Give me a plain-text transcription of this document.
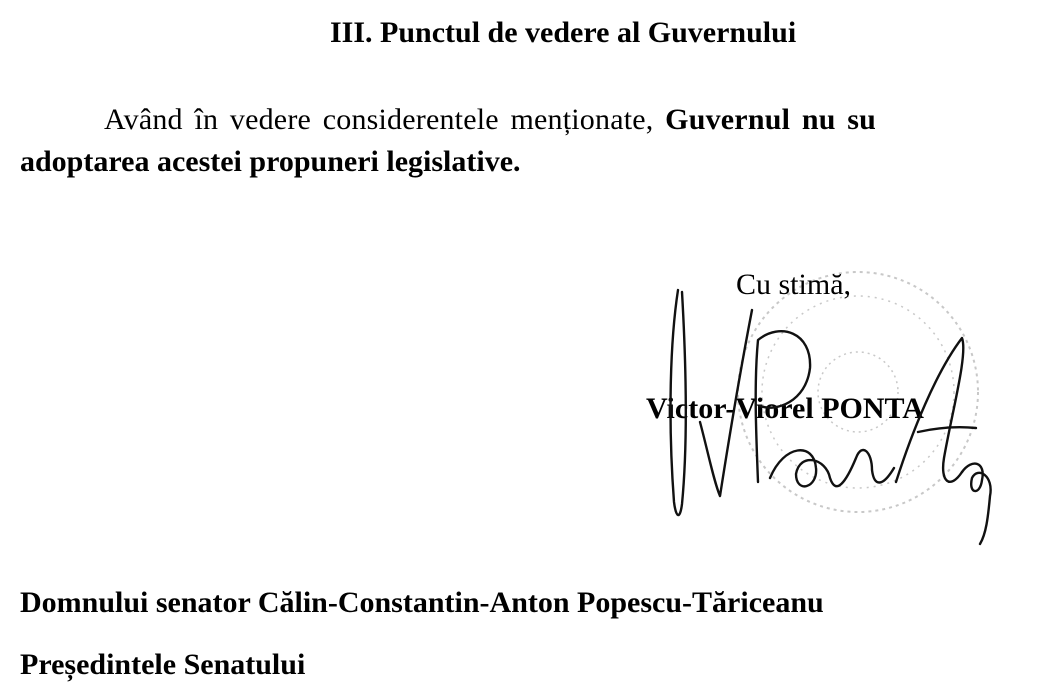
III. Punctul de vedere al Guvernului

Având în vedere considerentele menționate, Guvernul nu su

adoptarea acestei propuneri legislative.

Cu stimă,

Victor-Viorel PONTA

Domnului senator Călin-Constantin-Anton Popescu-Tăriceanu

Președintele Senatului
